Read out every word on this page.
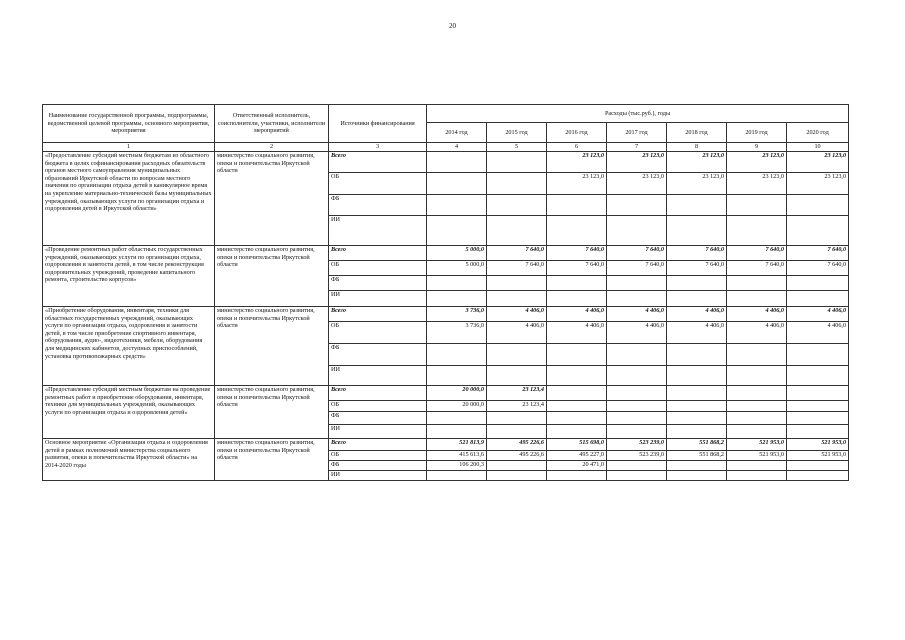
20
Наименование государственной программы, подпрограммы, ведомственной целевой программы, основного мероприятия, мероприятия	Ответственный исполнитель, соисполнители, участники, исполнители мероприятий	Источники финансирования	Расходы (тыс.руб.), годы						
			2014 год	2015 год	2016 год	2017 год	2018 год	2019 год	2020 год
1	2	3	4	5	6	7	8	9	10
«Предоставление субсидий местным бюджетам из областного бюджета в целях софинансирования расходных обязательств органов местного самоуправления муниципальных образований Иркутской области по вопросам местного значения по организации отдыха детей в каникулярное время на укрепление материально-технической базы муниципальных учреждений, оказывающих услуги по организации отдыха и оздоровления детей в Иркутской области»	министерство социального развития, опеки и попечительства Иркутской области	Всего			23 123,0	23 123,0	23 123,0	23 123,0	23 123,0
		ОБ			23 123,0	23 123,0	23 123,0	23 123,0	23 123,0
		ФБ							
		ИИ							
«Проведение ремонтных работ областных государственных учреждений, оказывающих услуги по организации отдыха, оздоровления и занятости детей, в том числе реконструкция оздоровительных учреждений, проведение капитального ремонта, строительство корпусов»	министерство социального развития, опеки и попечительства Иркутской области	Всего	5 000,0	7 640,0	7 640,0	7 640,0	7 640,0	7 640,0	7 640,0
		ОБ	5 000,0	7 640,0	7 640,0	7 640,0	7 640,0	7 640,0	7 640,0
		ФБ							
		ИИ							
«Приобретение оборудования, инвентаря, техники для областных государственных учреждений, оказывающих услуги по организации отдыха, оздоровления и занятости детей, в том числе приобретение спортивного инвентаря, оборудования, аудио-, видеотехники, мебели, оборудования для медицинских кабинетов, доступных приспособлений, установка противопожарных средств»	министерство социального развития, опеки и попечительства Иркутской области	Всего	3 736,0	4 406,0	4 406,0	4 406,0	4 406,0	4 406,0	4 406,0
		ОБ	3 736,0	4 406,0	4 406,0	4 406,0	4 406,0	4 406,0	4 406,0
		ФБ							
		ИИ							
«Предоставление субсидий местным бюджетам на проведение ремонтных работ и приобретение оборудования, инвентаря, техники для муниципальных учреждений, оказывающих услуги по организации отдыха и оздоровления детей»	министерство социального развития, опеки и попечительства Иркутской области	Всего	20 000,0	23 123,4					
		ОБ	20 000,0	23 123,4					
		ФБ							
		ИИ							
Основное мероприятие «Организация отдыха и оздоровления детей в рамках полномочий министерства социального развития, опеки и попечительства Иркутской области» на 2014-2020 годы	министерство социального развития, опеки и попечительства Иркутской области	Всего	521 813,9	495 226,6	515 698,0	523 239,0	551 868,2	521 953,0	521 953,0
		ОБ	415 613,6	495 226,6	495 227,0	523 239,0	551 868,2	521 953,0	521 953,0
		ФБ	106 200,3		20 471,0				
		ИИ							
